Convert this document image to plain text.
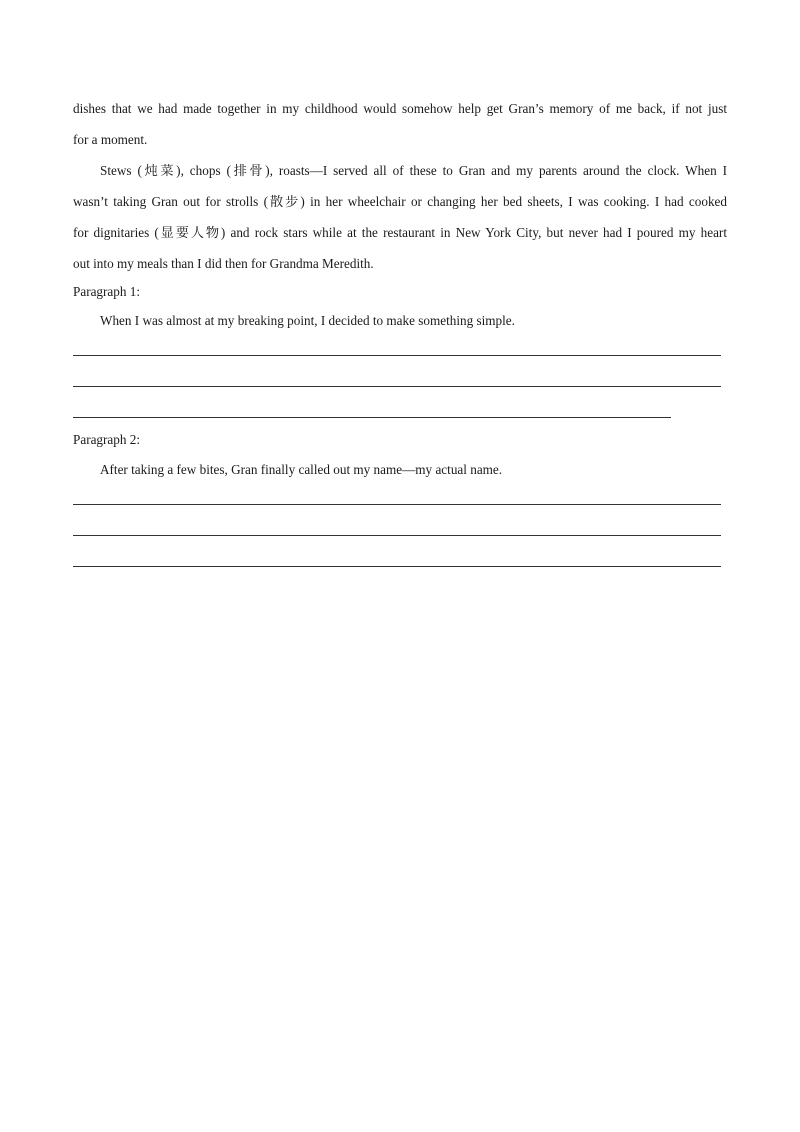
dishes that we had made together in my childhood would somehow help get Gran’s memory of me back, if not just
for a moment.
Stews (炖菜), chops (排骨), roasts—I served all of these to Gran and my parents around the clock. When I
wasn’t taking Gran out for strolls (散步) in her wheelchair or changing her bed sheets, I was cooking. I had cooked
for dignitaries (显要人物) and rock stars while at the restaurant in New York City, but never had I poured my heart
out into my meals than I did then for Grandma Meredith.
Paragraph 1:
When I was almost at my breaking point, I decided to make something simple.
Paragraph 2:
After taking a few bites, Gran finally called out my name—my actual name.
